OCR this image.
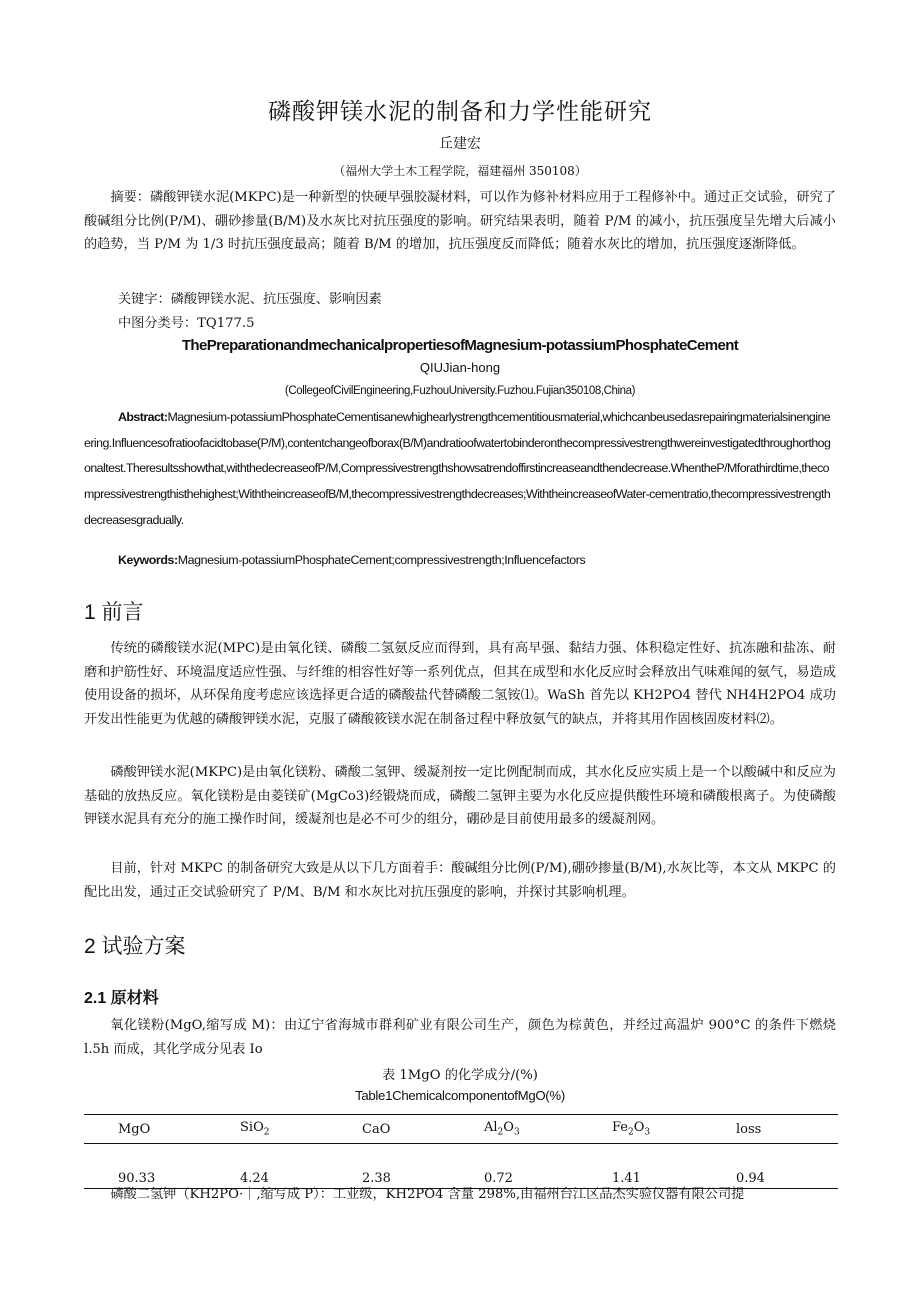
磷酸钾镁水泥的制备和力学性能研究
丘建宏
（福州大学土木工程学院，福建福州 350108）
摘要：磷酸钾镁水泥(MKPC)是一种新型的快硬早强胶凝材料，可以作为修补材料应用于工程修补中。通过正交试验，研究了酸碱组分比例(P/M)、硼砂掺量(B/M)及水灰比对抗压强度的影响。研究结果表明，随着 P/M 的减小，抗压强度呈先增大后减小的趋势，当 P/M 为 1/3 时抗压强度最高；随着 B/M 的增加，抗压强度反而降低；随着水灰比的增加，抗压强度逐渐降低。
关键字：磷酸钾镁水泥、抗压强度、影响因素
中图分类号：TQ177.5
ThePreparationandmechanicalpropertiesofMagnesium-potassiumPhosphateCement
QIUJian-hong
(CollegeofCivilEngineering,FuzhouUniversity.Fuzhou.Fujian350108,China)
Abstract:Magnesium-potassiumPhosphateCementisanewhighearlystrengthcementitiousmaterial,whichcanbeusedasrepairingmaterialsinengineering.Influencesofratioofacidtobase(P/M),contentchangeofborax(B/M)andratioofwatertobinderonthecompressivestrengthwereinvestigatedthroughorthogonaltest.Theresultsshowthat,withthedecreaseofP/M,Compressivestrengthshowsatrendoffirstincreaseandthendecrease.WhentheP/Mforathirdtime,thecompressivestrengthisthehighest;WiththeincreaseofB/M,thecompressivestrengthdecreases;WiththeincreaseofWater-cementratio,thecompressivestrengthdecreasesgradually.
Keywords:Magnesium-potassiumPhosphateCement;compressivestrength;Influencefactors
1 前言
传统的磷酸镁水泥(MPC)是由氧化镁、磷酸二氢氨反应而得到，具有高早强、黏结力强、体积稳定性好、抗冻融和盐冻、耐磨和护筋性好、环境温度适应性强、与纤维的相容性好等一系列优点，但其在成型和水化反应时会释放出气味难闻的氨气，易造成使用设备的损坏，从环保角度考虑应该选择更合适的磷酸盐代替磷酸二氢铵⑴。WaSh 首先以 KH2PO4 替代 NH4H2PO4 成功开发出性能更为优越的磷酸钾镁水泥，克服了磷酸筱镁水泥在制备过程中释放氨气的缺点，并将其用作固核固废材料⑵。
磷酸钾镁水泥(MKPC)是由氧化镁粉、磷酸二氢钾、缓凝剂按一定比例配制而成，其水化反应实质上是一个以酸碱中和反应为基础的放热反应。氧化镁粉是由菱镁矿(MgCo3)经锻烧而成，磷酸二氢钾主要为水化反应提供酸性环境和磷酸根离子。为使磷酸钾镁水泥具有充分的施工操作时间，缓凝剂也是必不可少的组分，硼砂是目前使用最多的缓凝剂网。
目前，针对 MKPC 的制备研究大致是从以下几方面着手：酸碱组分比例(P/M),硼砂掺量(B/M),水灰比等，本文从 MKPC 的配比出发，通过正交试验研究了 P/M、B/M 和水灰比对抗压强度的影响，并探讨其影响机理。
2 试验方案
2.1 原材料
氧化镁粉(MgO,缩写成 M)：由辽宁省海城市群利矿业有限公司生产，颜色为棕黄色，并经过高温炉 900°C 的条件下燃烧 l.5h 而成，其化学成分见表 Io
表 1MgO 的化学成分/(%)
Table1ChemicalcomponentofMgO(%)
MgO	SiO$_2$	CaO	$Al_2O_3$	$Fe_2O_3$	loss
90.33	4.24	2.38	0.72	1.41	0.94
磷酸二氢钾（KH2PO·｜,缩写成 P）：工业级，KH2PO4 含量 298%,由福州台江区品杰实验仪器有限公司提
